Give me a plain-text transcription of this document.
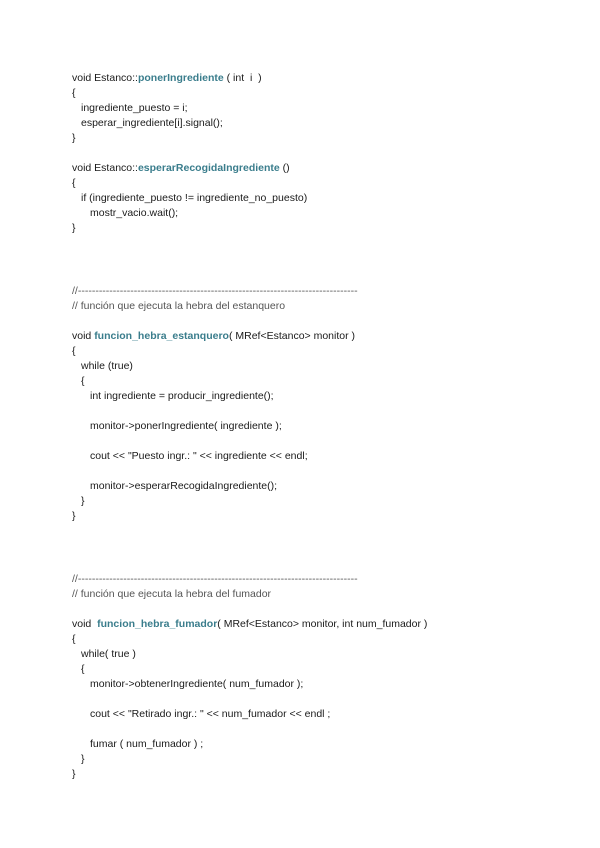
void Estanco::ponerIngrediente ( int  i  )
{
ingrediente_puesto = i;
esperar_ingrediente[i].signal();
}
void Estanco::esperarRecogidaIngrediente ()
{
if (ingrediente_puesto != ingrediente_no_puesto)
mostr_vacio.wait();
}
//--------------------------------------------------------------------------------
// función que ejecuta la hebra del estanquero
void funcion_hebra_estanquero( MRef<Estanco> monitor )
{
while (true)
{
int ingrediente = producir_ingrediente();
monitor->ponerIngrediente( ingrediente );
cout << "Puesto ingr.: " << ingrediente << endl;
monitor->esperarRecogidaIngrediente();
}
}
//--------------------------------------------------------------------------------
// función que ejecuta la hebra del fumador
void  funcion_hebra_fumador( MRef<Estanco> monitor, int num_fumador )
{
while( true )
{
monitor->obtenerIngrediente( num_fumador );
cout << "Retirado ingr.: " << num_fumador << endl ;
fumar ( num_fumador ) ;
}
}
